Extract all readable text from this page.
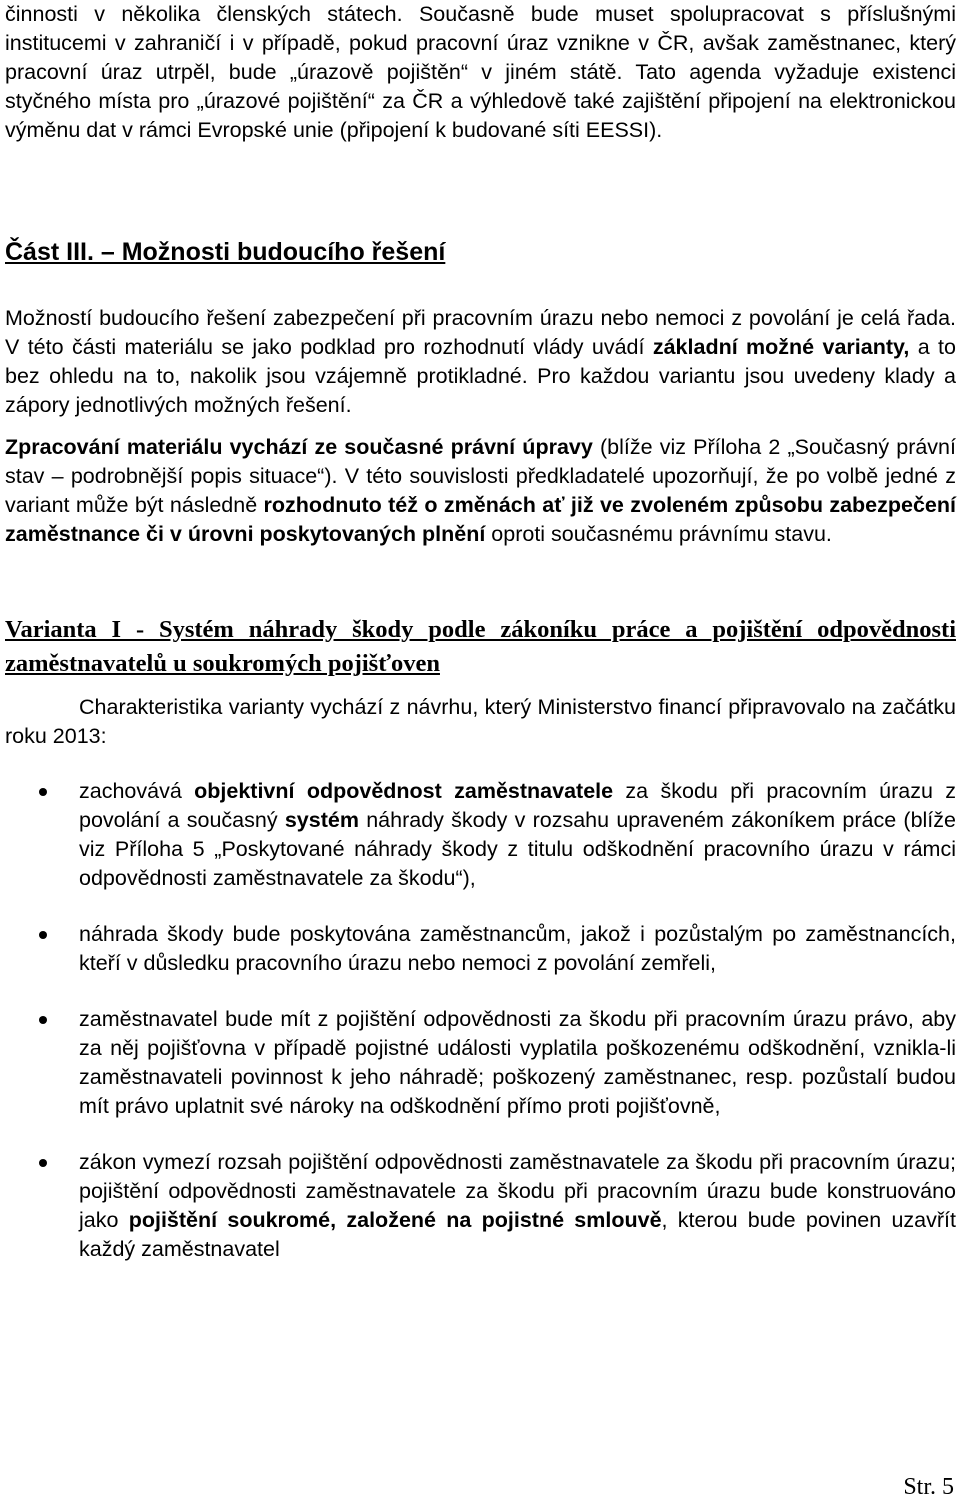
činnosti v několika členských státech. Současně bude muset spolupracovat s příslušnými institucemi v zahraničí i v případě, pokud pracovní úraz vznikne v ČR, avšak zaměstnanec, který pracovní úraz utrpěl, bude „úrazově pojištěn“ v jiném státě. Tato agenda vyžaduje existenci styčného místa pro „úrazové pojištění“ za ČR a výhledově také zajištění připojení na elektronickou výměnu dat v rámci Evropské unie (připojení k budované síti EESSI).

Část III. – Možnosti budoucího řešení

Možností budoucího řešení zabezpečení při pracovním úrazu nebo nemoci z povolání je celá řada. V této části materiálu se jako podklad pro rozhodnutí vlády uvádí základní možné varianty, a to bez ohledu na to, nakolik jsou vzájemně protikladné. Pro každou variantu jsou uvedeny klady a zápory jednotlivých možných řešení.

Zpracování materiálu vychází ze současné právní úpravy (blíže viz Příloha 2 „Současný právní stav – podrobnější popis situace“). V této souvislosti předkladatelé upozorňují, že po volbě jedné z variant může být následně rozhodnuto též o změnách ať již ve zvoleném způsobu zabezpečení zaměstnance či v úrovni poskytovaných plnění oproti současnému právnímu stavu.

Varianta I - Systém náhrady škody podle zákoníku práce a pojištění odpovědnosti zaměstnavatelů u soukromých pojišťoven

Charakteristika varianty vychází z návrhu, který Ministerstvo financí připravovalo na začátku roku 2013:

zachovává objektivní odpovědnost zaměstnavatele za škodu při pracovním úrazu z povolání a současný systém náhrady škody v rozsahu upraveném zákoníkem práce (blíže viz Příloha 5 „Poskytované náhrady škody z titulu odškodnění pracovního úrazu v rámci odpovědnosti zaměstnavatele za škodu“),
náhrada škody bude poskytována zaměstnancům, jakož i pozůstalým po zaměstnancích, kteří v důsledku pracovního úrazu nebo nemoci z povolání zemřeli,
zaměstnavatel bude mít z pojištění odpovědnosti za škodu při pracovním úrazu právo, aby za něj pojišťovna v případě pojistné události vyplatila poškozenému odškodnění, vznikla-li zaměstnavateli povinnost k jeho náhradě; poškozený zaměstnanec, resp. pozůstalí budou mít právo uplatnit své nároky na odškodnění přímo proti pojišťovně,
zákon vymezí rozsah pojištění odpovědnosti zaměstnavatele za škodu při pracovním úrazu; pojištění odpovědnosti zaměstnavatele za škodu při pracovním úrazu bude konstruováno jako pojištění soukromé, založené na pojistné smlouvě, kterou bude povinen uzavřít každý zaměstnavatel
Str. 5
